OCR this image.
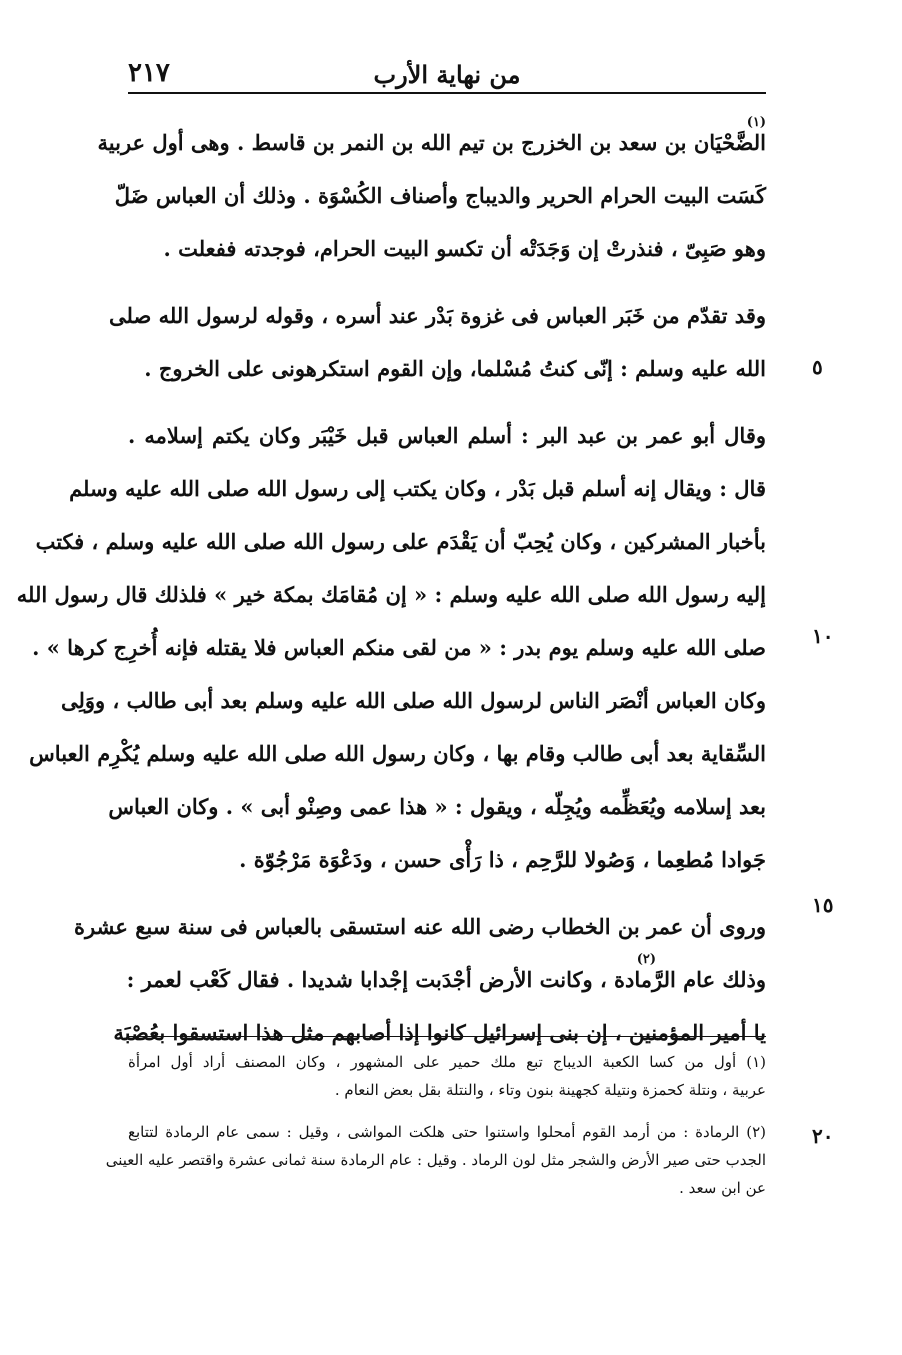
من نهاية الأرب
٢١٧
(١)
الضَّحْيَان بن سعد بن الخزرج بن تيم الله بن النمر بن قاسط . وهى أول عربية
كَسَت البيت الحرام الحرير والديباج وأصناف الكُسْوَة . وذلك أن العباس ضَلّ
وهو صَبِىّ ، فنذرتْ إن وَجَدَتْه أن تكسو البيت الحرام، فوجدته ففعلت .
وقد تقدّم من خَبَر العباس فى غزوة بَدْر عند أسره ، وقوله لرسول الله صلى
الله عليه وسلم : إنّى كنتُ مُسْلما، وإن القوم استكرهونى على الخروج .
وقال أبو عمر بن عبد البر : أسلم العباس قبل خَيْبَر وكان يكتم إسلامه .
قال : ويقال إنه أسلم قبل بَدْر ، وكان يكتب إلى رسول الله صلى الله عليه وسلم
بأخبار المشركين ، وكان يُحِبّ أن يَقْدَم على رسول الله صلى الله عليه وسلم ، فكتب
إليه رسول الله صلى الله عليه وسلم : « إن مُقامَك بمكة خير » فلذلك قال رسول الله
صلى الله عليه وسلم يوم بدر : « من لقى منكم العباس فلا يقتله فإنه أُخرِج كرها » .
وكان العباس أنْصَر الناس لرسول الله صلى الله عليه وسلم بعد أبى طالب ، ووَلِى
السِّقاية بعد أبى طالب وقام بها ، وكان رسول الله صلى الله عليه وسلم يُكْرِم العباس
بعد إسلامه ويُعَظِّمه ويُجِلّه ، ويقول : « هذا عمى وصِنْو أبى » . وكان العباس
جَوادا مُطعِما ، وَصُولا للرَّحِم ، ذا رَأْى حسن ، ودَعْوَة مَرْجُوّة .
وروى أن عمر بن الخطاب رضى الله عنه استسقى بالعباس فى سنة سبع عشرة
(٢)
وذلك عام الرَّمادة ، وكانت الأرض أجْدَبت إجْدابا شديدا . فقال كَعْب لعمر :
يا أمير المؤمنين ، إن بنى إسرائيل كانوا إذا أصابهم مثل هذا استسقوا بعُصْبَة
٥
١٠
١٥
٢٠
(١) أول من كسا الكعبة الديباج تبع ملك حمير على المشهور ، وكان المصنف أراد أول امرأة
عربية ، ونتلة كحمزة ونتيلة كجهينة بنون وتاء ، والنتلة بقل بعض النعام .
(٢) الرمادة : من أرمد القوم أمحلوا واستنوا حتى هلكت المواشى ، وقيل : سمى عام الرمادة لتتابع
الجدب حتى صير الأرض والشجر مثل لون الرماد . وقيل : عام الرمادة سنة ثمانى عشرة واقتصر عليه العينى
عن ابن سعد .
